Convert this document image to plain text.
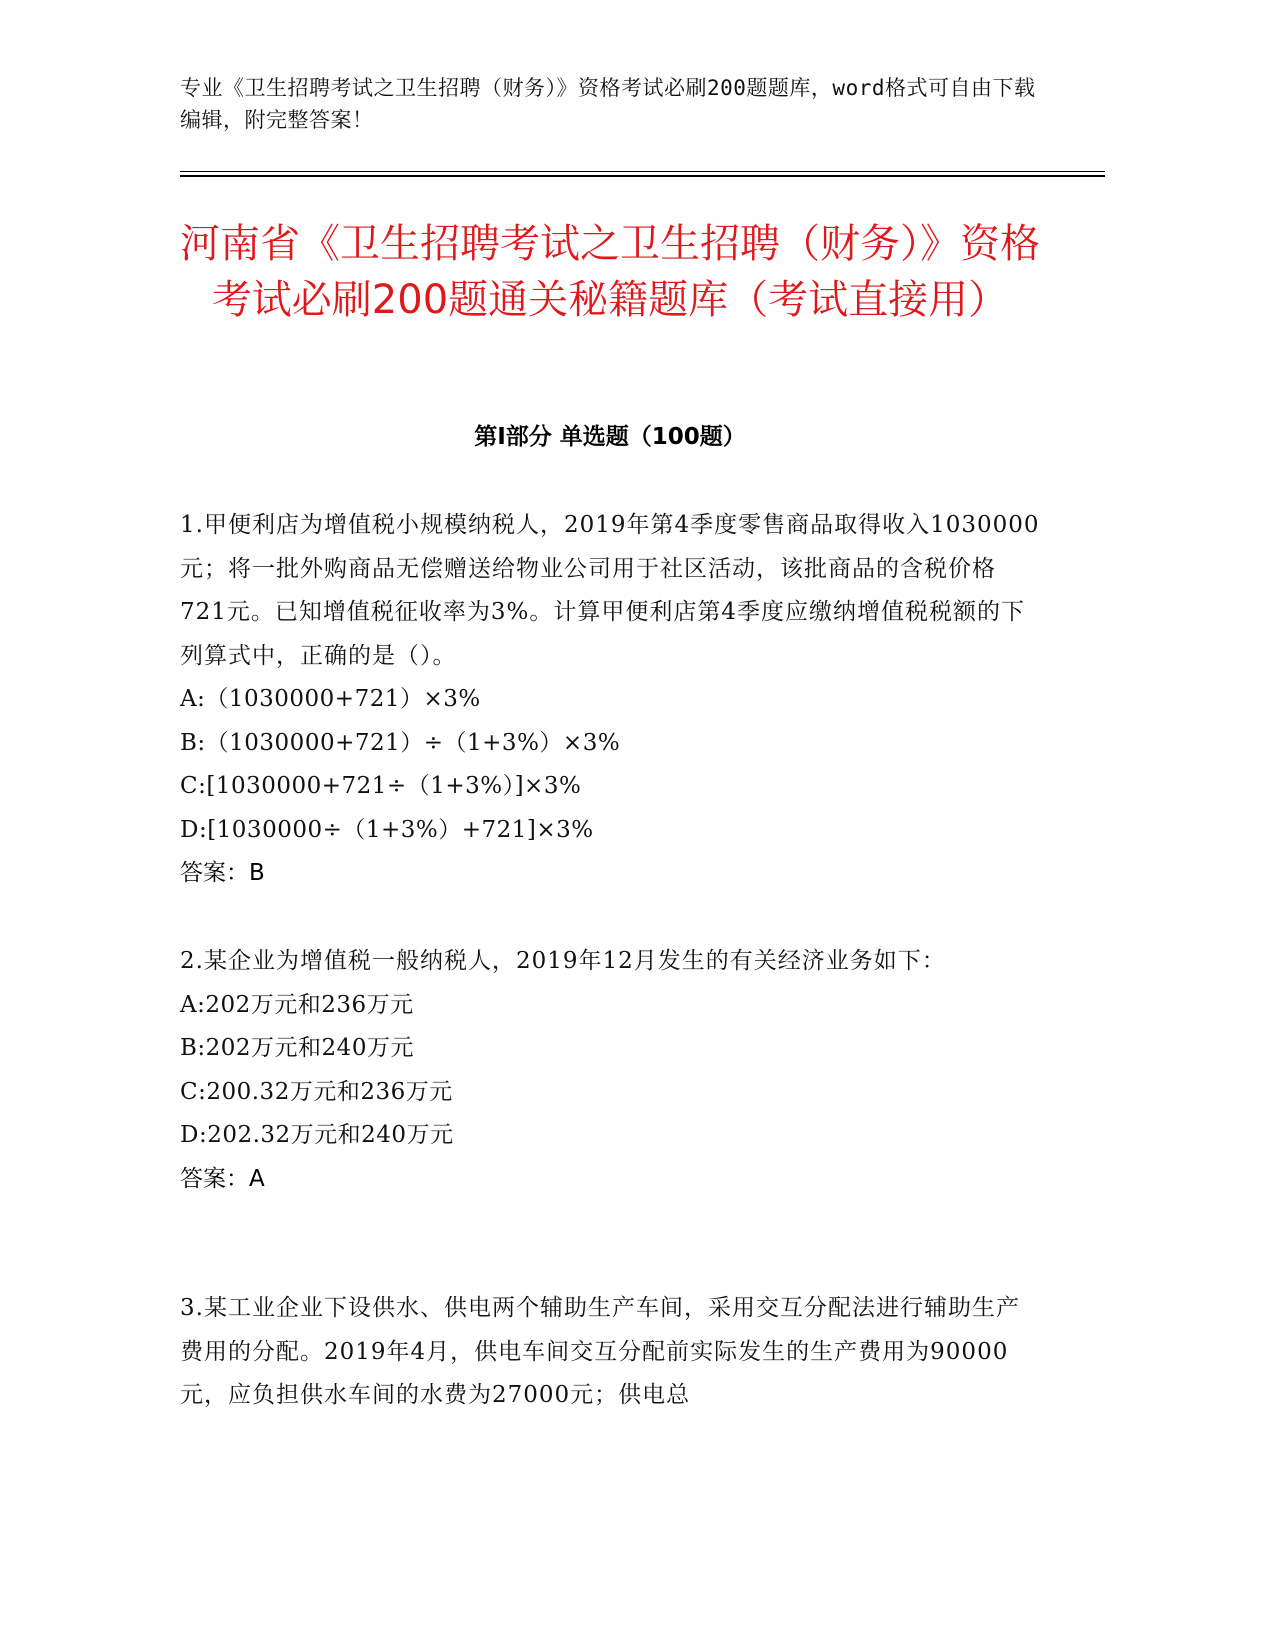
专业《卫生招聘考试之卫生招聘（财务）》资格考试必刷200题题库，word格式可自由下载编辑，附完整答案！
河南省《卫生招聘考试之卫生招聘（财务）》资格考试必刷200题通关秘籍题库（考试直接用）
第Ⅰ部分 单选题（100题）
1.甲便利店为增值税小规模纳税人，2019年第4季度零售商品取得收入1030000元；将一批外购商品无偿赠送给物业公司用于社区活动，该批商品的含税价格721元。已知增值税征收率为3%。计算甲便利店第4季度应缴纳增值税税额的下列算式中，正确的是（）。
A:（1030000+721）×3%
B:（1030000+721）÷（1+3%）×3%
C:[1030000+721÷（1+3%）]×3%
D:[1030000÷（1+3%）+721]×3%
答案：B
2.某企业为增值税一般纳税人，2019年12月发生的有关经济业务如下：
A:202万元和236万元
B:202万元和240万元
C:200.32万元和236万元
D:202.32万元和240万元
答案：A
3.某工业企业下设供水、供电两个辅助生产车间，采用交互分配法进行辅助生产费用的分配。2019年4月，供电车间交互分配前实际发生的生产费用为90000元，应负担供水车间的水费为27000元；供电总
